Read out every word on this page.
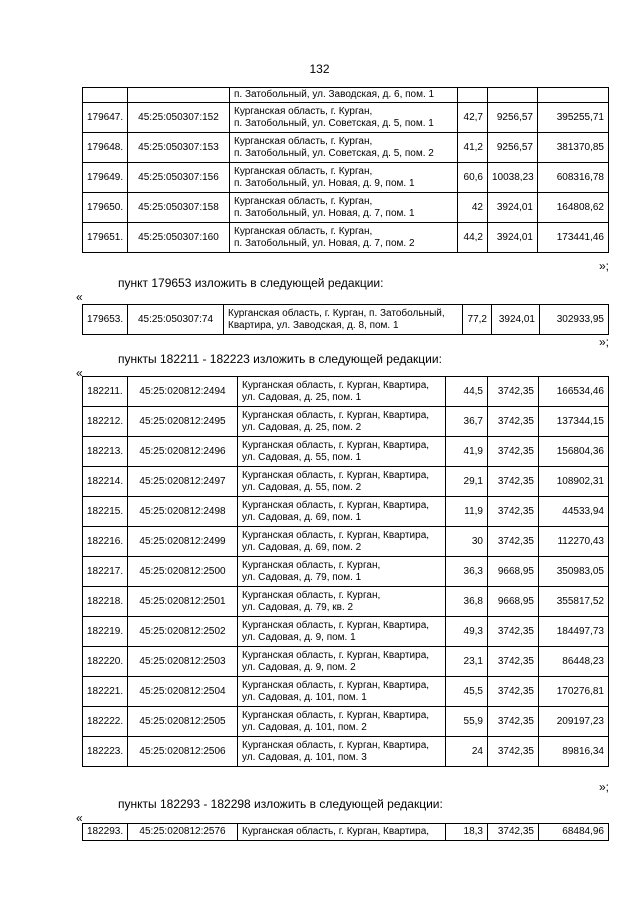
132

		п. Затобольный, ул. Заводская, д. 6, пом. 1			

179647.	45:25:050307:152	Курганская область, г. Курган,
п. Затобольный, ул. Советская, д. 5, пом. 1	42,7	9256,57	395255,71
179648.	45:25:050307:153	Курганская область, г. Курган,
п. Затобольный, ул. Советская, д. 5, пом. 2	41,2	9256,57	381370,85
179649.	45:25:050307:156	Курганская область, г. Курган,
п. Затобольный, ул. Новая, д. 9, пом. 1	60,6	10038,23	608316,78
179650.	45:25:050307:158	Курганская область, г. Курган,
п. Затобольный, ул. Новая, д. 7, пом. 1	42	3924,01	164808,62
179651.	45:25:050307:160	Курганская область, г. Курган,
п. Затобольный, ул. Новая, д. 7, пом. 2	44,2	3924,01	173441,46
»;
пункт 179653 изложить в следующей редакции:
«
179653.	45:25:050307:74	
Курганская область, г. Курган, п. Затобольный,
Квартира, ул. Заводская, д. 8, пом. 1
	77,2	3924,01	302933,95
»;
пункты 182211 - 182223 изложить в следующей редакции:
«
182211.	45:25:020812:2494	Курганская область, г. Курган, Квартира,
ул. Садовая, д. 25, пом. 1	44,5	3742,35	166534,46
182212.	45:25:020812:2495	Курганская область, г. Курган, Квартира,
ул. Садовая, д. 25, пом. 2	36,7	3742,35	137344,15
182213.	45:25:020812:2496	Курганская область, г. Курган, Квартира,
ул. Садовая, д. 55, пом. 1	41,9	3742,35	156804,36
182214.	45:25:020812:2497	Курганская область, г. Курган, Квартира,
ул. Садовая, д. 55, пом. 2	29,1	3742,35	108902,31
182215.	45:25:020812:2498	Курганская область, г. Курган, Квартира,
ул. Садовая, д. 69, пом. 1	11,9	3742,35	44533,94
182216.	45:25:020812:2499	Курганская область, г. Курган, Квартира,
ул. Садовая, д. 69, пом. 2	30	3742,35	112270,43
182217.	45:25:020812:2500	Курганская область, г. Курган,
ул. Садовая, д. 79, пом. 1	36,3	9668,95	350983,05
182218.	45:25:020812:2501	Курганская область, г. Курган,
ул. Садовая, д. 79, кв. 2	36,8	9668,95	355817,52
182219.	45:25:020812:2502	Курганская область, г. Курган, Квартира,
ул. Садовая, д. 9, пом. 1	49,3	3742,35	184497,73
182220.	45:25:020812:2503	Курганская область, г. Курган, Квартира,
ул. Садовая, д. 9, пом. 2	23,1	3742,35	86448,23
182221.	45:25:020812:2504	Курганская область, г. Курган, Квартира,
ул. Садовая, д. 101, пом. 1	45,5	3742,35	170276,81
182222.	45:25:020812:2505	Курганская область, г. Курган, Квартира,
ул. Садовая, д. 101, пом. 2	55,9	3742,35	209197,23
182223.	45:25:020812:2506	Курганская область, г. Курган, Квартира,
ул. Садовая, д. 101, пом. 3	24	3742,35	89816,34
»;
пункты 182293 - 182298 изложить в следующей редакции:
«
182293.	45:25:020812:2576	Курганская область, г. Курган, Квартира,	18,3	3742,35	68484,96
